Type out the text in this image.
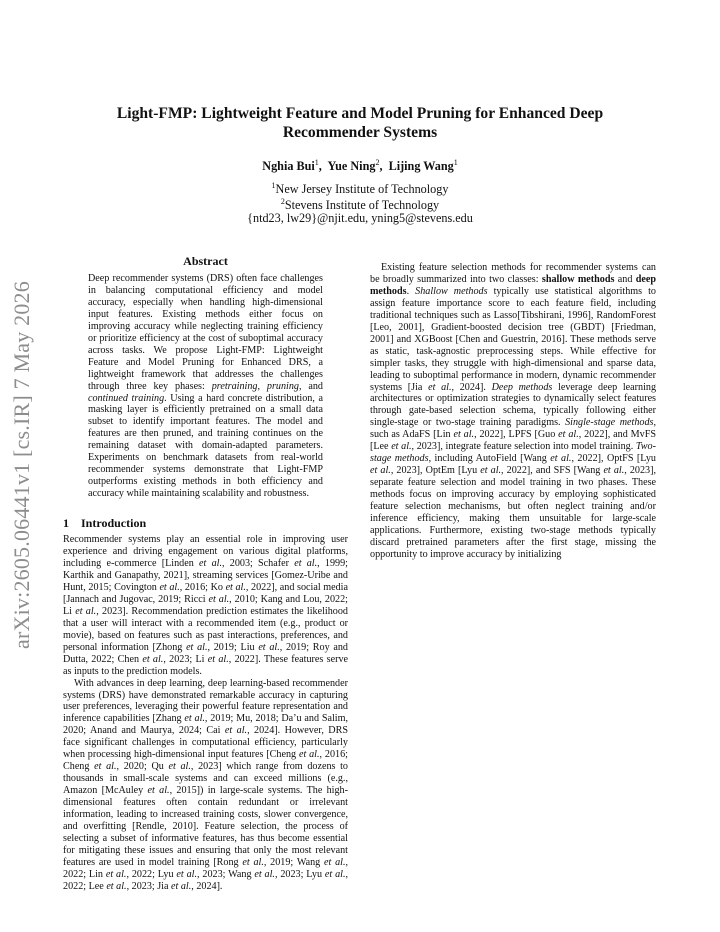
arXiv:2605.06441v1 [cs.IR] 7 May 2026
Light-FMP: Lightweight Feature and Model Pruning for Enhanced Deep
Recommender Systems
Nghia Bui$^1$,  Yue Ning$^2$,  Lijing Wang$^1$
$^1$New Jersey Institute of Technology
$^2$Stevens Institute of Technology
{ntd23, lw29}@njit.edu, yning5@stevens.edu
Abstract

Deep recommender systems (DRS) often face challenges in balancing computational efficiency and model accuracy, especially when handling high-dimensional input features. Existing methods either focus on improving accuracy while neglecting training efficiency or prioritize efficiency at the cost of suboptimal accuracy across tasks. We propose Light-FMP: Lightweight Feature and Model Pruning for Enhanced DRS, a lightweight framework that addresses the challenges through three key phases: pretraining, pruning, and continued training. Using a hard concrete distribution, a masking layer is efficiently pretrained on a small data subset to identify important features. The model and features are then pruned, and training continues on the remaining dataset with domain-adapted parameters. Experiments on benchmark datasets from real-world recommender systems demonstrate that Light-FMP outperforms existing methods in both efficiency and accuracy while maintaining scalability and robustness.

1 Introduction

Recommender systems play an essential role in improving user experience and driving engagement on various digital platforms, including e-commerce [Linden et al., 2003; Schafer et al., 1999; Karthik and Ganapathy, 2021], streaming services [Gomez-Uribe and Hunt, 2015; Covington et al., 2016; Ko et al., 2022], and social media [Jannach and Jugovac, 2019; Ricci et al., 2010; Kang and Lou, 2022; Li et al., 2023]. Recommendation prediction estimates the likelihood that a user will interact with a recommended item (e.g., product or movie), based on features such as past interactions, preferences, and personal information [Zhong et al., 2019; Liu et al., 2019; Roy and Dutta, 2022; Chen et al., 2023; Li et al., 2022]. These features serve as inputs to the prediction models.

With advances in deep learning, deep learning-based recommender systems (DRS) have demonstrated remarkable accuracy in capturing user preferences, leveraging their powerful feature representation and inference capabilities [Zhang et al., 2019; Mu, 2018; Da’u and Salim, 2020; Anand and Maurya, 2024; Cai et al., 2024]. However, DRS face significant challenges in computational efficiency, particularly when processing high-dimensional input features [Cheng et al., 2016; Cheng et al., 2020; Qu et al., 2023] which range from dozens to thousands in small-scale systems and can exceed millions (e.g., Amazon [McAuley et al., 2015]) in large-scale systems. The high-dimensional features often contain redundant or irrelevant information, leading to increased training costs, slower convergence, and overfitting [Rendle, 2010]. Feature selection, the process of selecting a subset of informative features, has thus become essential for mitigating these issues and ensuring that only the most relevant features are used in model training [Rong et al., 2019; Wang et al., 2022; Lin et al., 2022; Lyu et al., 2023; Wang et al., 2023; Lyu et al., 2022; Lee et al., 2023; Jia et al., 2024].

Existing feature selection methods for recommender systems can be broadly summarized into two classes: shallow methods and deep methods. Shallow methods typically use statistical algorithms to assign feature importance score to each feature field, including traditional techniques such as Lasso[Tibshirani, 1996], RandomForest [Leo, 2001], Gradient-boosted decision tree (GBDT) [Friedman, 2001] and XGBoost [Chen and Guestrin, 2016]. These methods serve as static, task-agnostic preprocessing steps. While effective for simpler tasks, they struggle with high-dimensional and sparse data, leading to suboptimal performance in modern, dynamic recommender systems [Jia et al., 2024]. Deep methods leverage deep learning architectures or optimization strategies to dynamically select features through gate-based selection schema, typically following either single-stage or two-stage training paradigms. Single-stage methods, such as AdaFS [Lin et al., 2022], LPFS [Guo et al., 2022], and MvFS [Lee et al., 2023], integrate feature selection into model training. Two-stage methods, including AutoField [Wang et al., 2022], OptFS [Lyu et al., 2023], OptEm [Lyu et al., 2022], and SFS [Wang et al., 2023], separate feature selection and model training in two phases. These methods focus on improving accuracy by employing sophisticated feature selection mechanisms, but often neglect training and/or inference efficiency, making them unsuitable for large-scale applications. Furthermore, existing two-stage methods typically discard pretrained parameters after the first stage, missing the opportunity to improve accuracy by initializing
